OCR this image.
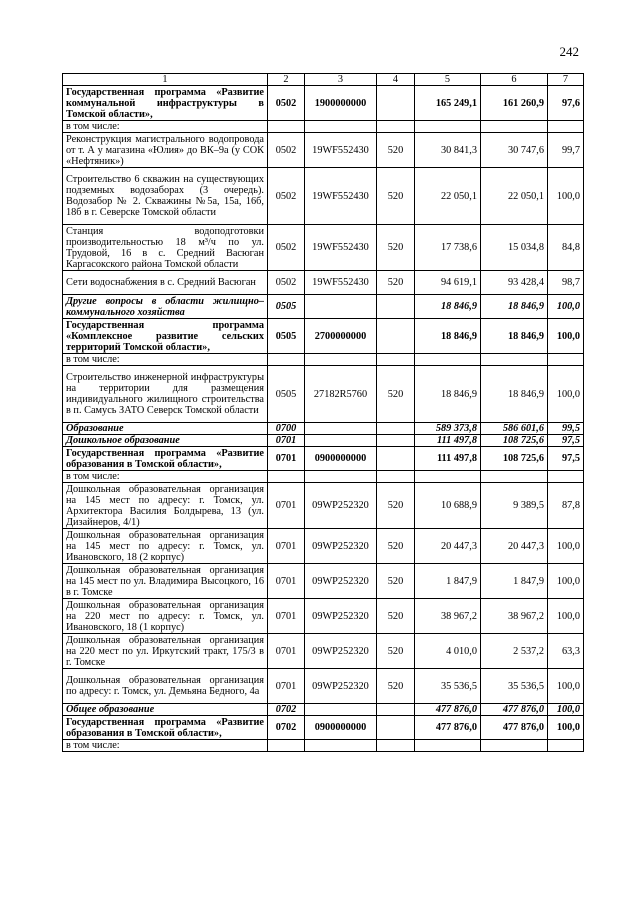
242
1	2	3	4	5	6	7
Государственная программа «Развитие коммунальной инфраструктуры в Томской области»,	0502	1900000000		165 249,1	161 260,9	97,6
в том числе:						
Реконструкция магистрального водопровода от т. А у магазина «Юлия» до ВК–9а (у СОК «Нефтяник»)	0502	19WF552430	520	30 841,3	30 747,6	99,7
Строительство 6 скважин на существующих подземных водозаборах (3 очередь). Водозабор № 2. Скважины №5а, 15а, 16б, 18б в г. Северске Томской области	0502	19WF552430	520	22 050,1	22 050,1	100,0
Станция водоподготовки производительностью 18 м³/ч по ул. Трудовой, 16 в с. Средний Васюган Каргасокского района Томской области	0502	19WF552430	520	17 738,6	15 034,8	84,8
Сети водоснабжения в с. Средний Васюган	0502	19WF552430	520	94 619,1	93 428,4	98,7
Другие вопросы в области жилищно–коммунального хозяйства	0505			18 846,9	18 846,9	100,0
Государственная программа «Комплексное развитие сельских территорий Томской области»,	0505	2700000000		18 846,9	18 846,9	100,0
в том числе:						
Строительство инженерной инфраструктуры на территории для размещения индивидуального жилищного строительства в п. Самусь ЗАТО Северск Томской области	0505	27182R5760	520	18 846,9	18 846,9	100,0
Образование	0700			589 373,8	586 601,6	99,5
Дошкольное образование	0701			111 497,8	108 725,6	97,5
Государственная программа «Развитие образования в Томской области»,	0701	0900000000		111 497,8	108 725,6	97,5
в том числе:						
Дошкольная образовательная организация на 145 мест по адресу: г. Томск, ул. Архитектора Василия Болдырева, 13 (ул. Дизайнеров, 4/1)	0701	09WP252320	520	10 688,9	9 389,5	87,8
Дошкольная образовательная организация на 145 мест по адресу: г. Томск, ул. Ивановского, 18 (2 корпус)	0701	09WP252320	520	20 447,3	20 447,3	100,0
Дошкольная образовательная организация на 145 мест по ул. Владимира Высоцкого, 16 в г. Томске	0701	09WP252320	520	1 847,9	1 847,9	100,0
Дошкольная образовательная организация на 220 мест по адресу: г. Томск, ул. Ивановского, 18 (1 корпус)	0701	09WP252320	520	38 967,2	38 967,2	100,0
Дошкольная образовательная организация на 220 мест по ул. Иркутский тракт, 175/3 в г. Томске	0701	09WP252320	520	4 010,0	2 537,2	63,3
Дошкольная образовательная организация по адресу: г. Томск, ул. Демьяна Бедного, 4а	0701	09WP252320	520	35 536,5	35 536,5	100,0
Общее образование	0702			477 876,0	477 876,0	100,0
Государственная программа «Развитие образования в Томской области»,	0702	0900000000		477 876,0	477 876,0	100,0
в том числе:						
